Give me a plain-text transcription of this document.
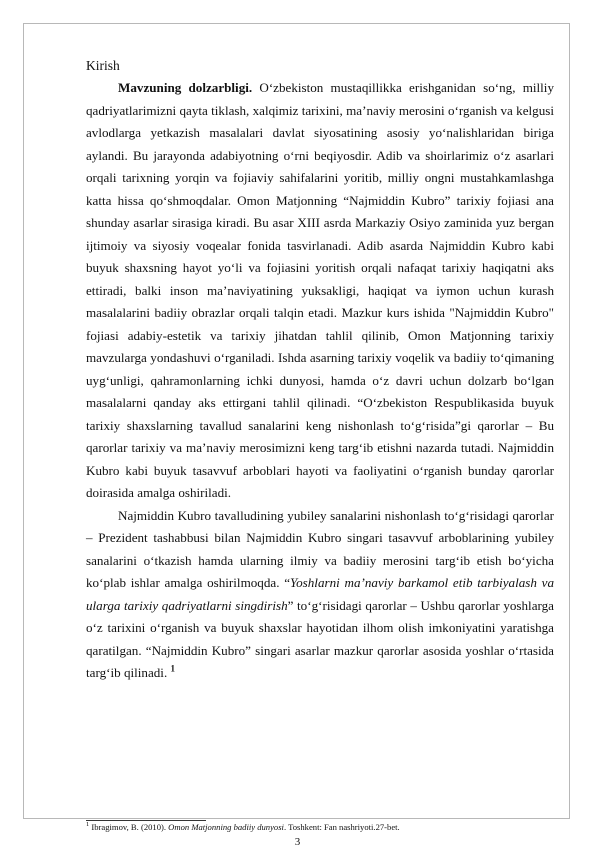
Kirish

Mavzuning dolzarbligi. O‘zbekiston mustaqillikka erishganidan so‘ng, milliy qadriyatlarimizni qayta tiklash, xalqimiz tarixini, ma’naviy merosini o‘rganish va kelgusi avlodlarga yetkazish masalalari davlat siyosatining asosiy yo‘nalishlaridan biriga aylandi. Bu jarayonda adabiyotning o‘rni beqiyosdir. Adib va shoirlarimiz o‘z asarlari orqali tarixning yorqin va fojiaviy sahifalarini yoritib, milliy ongni mustahkamlashga katta hissa qo‘shmoqdalar. Omon Matjonning “Najmiddin Kubro” tarixiy fojiasi ana shunday asarlar sirasiga kiradi. Bu asar XIII asrda Markaziy Osiyo zaminida yuz bergan ijtimoiy va siyosiy voqealar fonida tasvirlanadi. Adib asarda Najmiddin Kubro kabi buyuk shaxsning hayot yo‘li va fojiasini yoritish orqali nafaqat tarixiy haqiqatni aks ettiradi, balki inson ma’naviyatining yuksakligi, haqiqat va iymon uchun kurash masalalarini badiiy obrazlar orqali talqin etadi. Mazkur kurs ishida "Najmiddin Kubro" fojiasi adabiy-estetik va tarixiy jihatdan tahlil qilinib, Omon Matjonning tarixiy mavzularga yondashuvi o‘rganiladi. Ishda asarning tarixiy voqelik va badiiy to‘qimaning uyg‘unligi, qahramonlarning ichki dunyosi, hamda o‘z davri uchun dolzarb bo‘lgan masalalarni qanday aks ettirgani tahlil qilinadi. “O‘zbekiston Respublikasida buyuk tarixiy shaxslarning tavallud sanalarini keng nishonlash to‘g‘risida”gi qarorlar – Bu qarorlar tarixiy va ma’naviy merosimizni keng targ‘ib etishni nazarda tutadi. Najmiddin Kubro kabi buyuk tasavvuf arboblari hayoti va faoliyatini o‘rganish bunday qarorlar doirasida amalga oshiriladi.

Najmiddin Kubro tavalludining yubiley sanalarini nishonlash to‘g‘risidagi qarorlar – Prezident tashabbusi bilan Najmiddin Kubro singari tasavvuf arboblarining yubiley sanalarini o‘tkazish hamda ularning ilmiy va badiiy merosini targ‘ib etish bo‘yicha ko‘plab ishlar amalga oshirilmoqda. “Yoshlarni ma’naviy barkamol etib tarbiyalash va ularga tarixiy qadriyatlarni singdirish” to‘g‘risidagi qarorlar – Ushbu qarorlar yoshlarga o‘z tarixini o‘rganish va buyuk shaxslar hayotidan ilhom olish imkoniyatini yaratishga qaratilgan. “Najmiddin Kubro” singari asarlar mazkur qarorlar asosida yoshlar o‘rtasida targ‘ib qilinadi. $^1$

$^1$ Ibragimov, B. (2010). Omon Matjonning badiiy dunyosi. Toshkent: Fan nashriyoti.27-bet.
3
